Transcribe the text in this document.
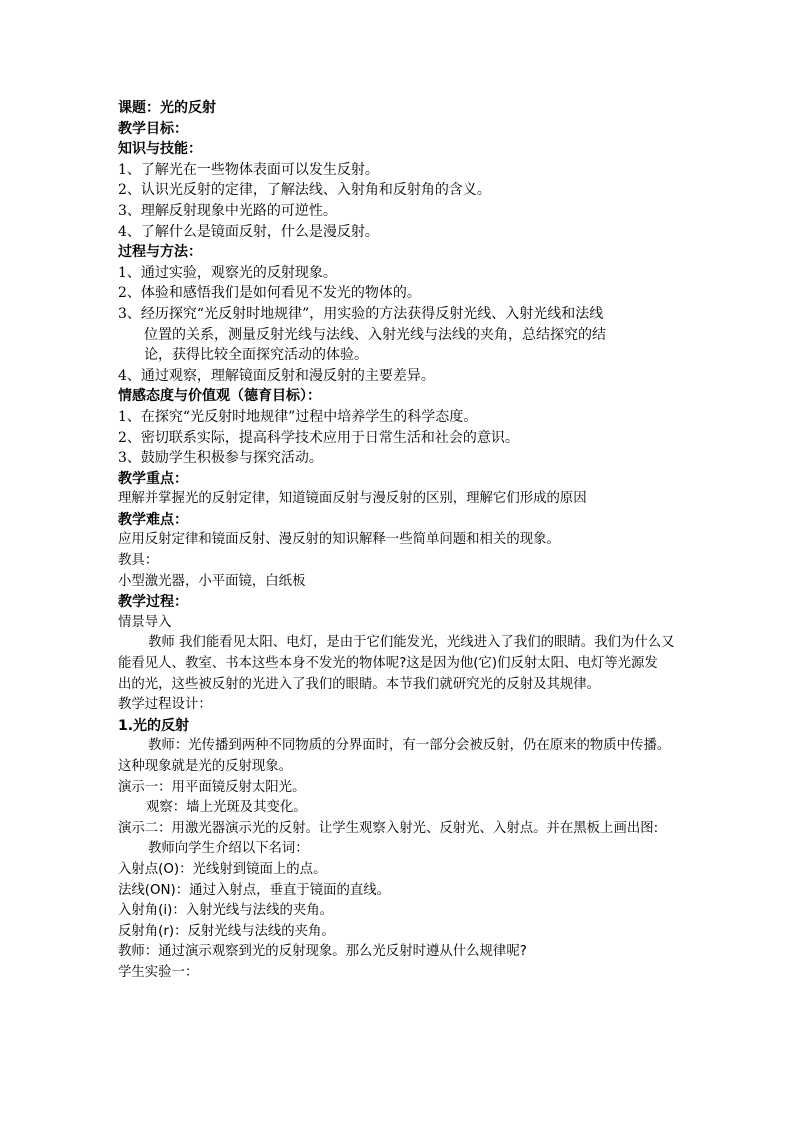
课题：光的反射
教学目标：
知识与技能：
1、了解光在一些物体表面可以发生反射。
2、认识光反射的定律，了解法线、入射角和反射角的含义。
3、理解反射现象中光路的可逆性。
4、了解什么是镜面反射，什么是漫反射。
过程与方法：
1、通过实验，观察光的反射现象。
2、体验和感悟我们是如何看见不发光的物体的。
3、经历探究“光反射时地规律”，用实验的方法获得反射光线、入射光线和法线
位置的关系，测量反射光线与法线、入射光线与法线的夹角，总结探究的结
论，获得比较全面探究活动的体验。
4、通过观察，理解镜面反射和漫反射的主要差异。
情感态度与价值观（德育目标）：
1、在探究“光反射时地规律”过程中培养学生的科学态度。
2、密切联系实际，提高科学技术应用于日常生活和社会的意识。
3、鼓励学生积极参与探究活动。
教学重点：
理解并掌握光的反射定律，知道镜面反射与漫反射的区别，理解它们形成的原因
教学难点：
应用反射定律和镜面反射、漫反射的知识解释一些简单问题和相关的现象。
教具：
小型激光器，小平面镜，白纸板
教学过程：
情景导入
教师 我们能看见太阳、电灯，是由于它们能发光，光线进入了我们的眼睛。我们为什么又
能看见人、教室、书本这些本身不发光的物体呢?这是因为他(它)们反射太阳、电灯等光源发
出的光，这些被反射的光进入了我们的眼睛。本节我们就研究光的反射及其规律。
教学过程设计：
1.光的反射
教师：光传播到两种不同物质的分界面时，有一部分会被反射，仍在原来的物质中传播。
这种现象就是光的反射现象。
演示一：用平面镜反射太阳光。
观察：墙上光斑及其变化。
演示二：用激光器演示光的反射。让学生观察入射光、反射光、入射点。并在黑板上画出图:
教师向学生介绍以下名词：
入射点(O)：光线射到镜面上的点。
法线(ON)：通过入射点，垂直于镜面的直线。
入射角(i)：入射光线与法线的夹角。
反射角(r)：反射光线与法线的夹角。
教师：通过演示观察到光的反射现象。那么光反射时遵从什么规律呢?
学生实验一：
